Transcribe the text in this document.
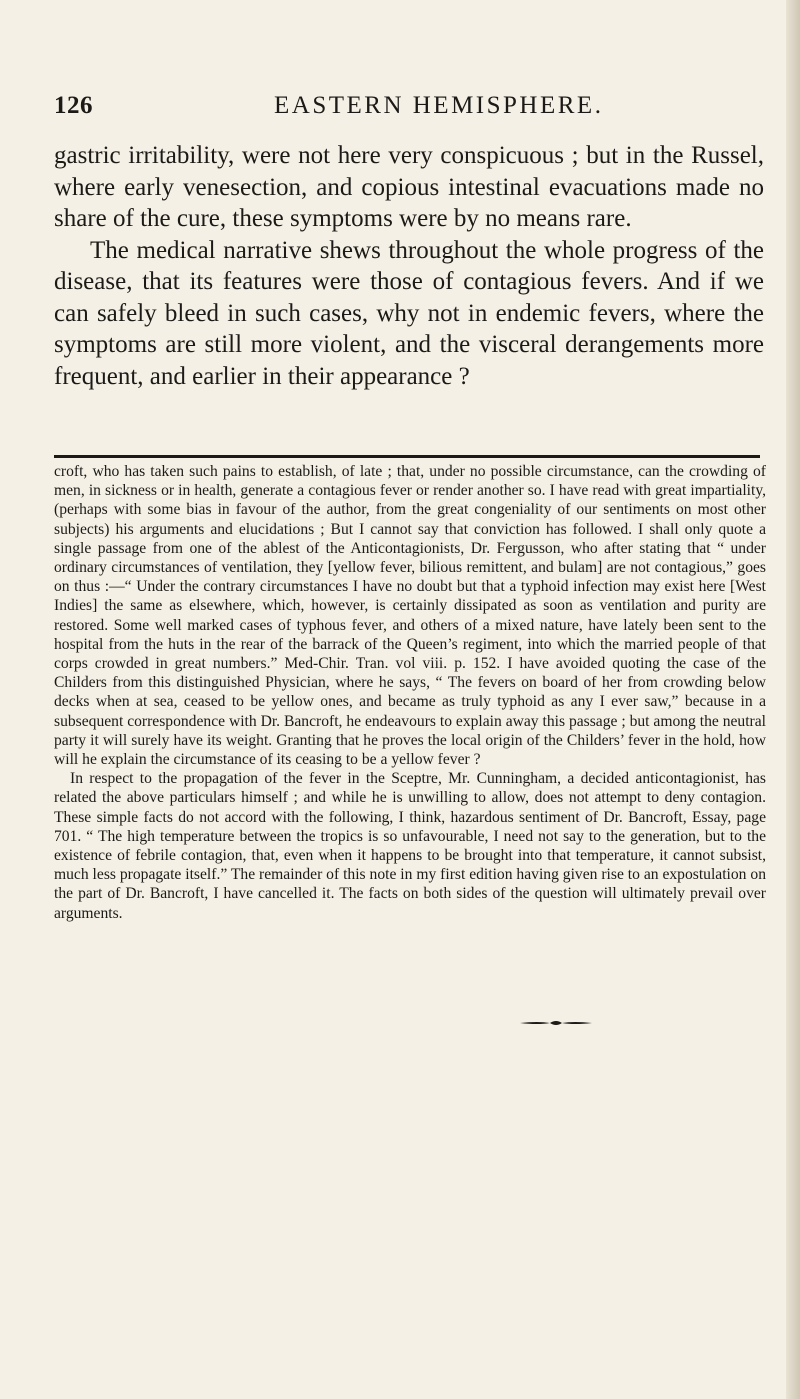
126	EASTERN HEMISPHERE.

gastric irritability, were not here very conspicuous ; but in the Russel, where early venesection, and copious intestinal evacuations made no share of the cure, these symptoms were by no means rare.

The medical narrative shews throughout the whole progress of the disease, that its features were those of contagious fevers. And if we can safely bleed in such cases, why not in endemic fevers, where the symptoms are still more violent, and the visceral derangements more frequent, and earlier in their appearance ?

croft, who has taken such pains to establish, of late ; that, under no possible circumstance, can the crowding of men, in sickness or in health, generate a contagious fever or render another so. I have read with great impartiality, (perhaps with some bias in favour of the author, from the great congeniality of our sentiments on most other subjects) his arguments and elucidations ; But I cannot say that conviction has followed. I shall only quote a single passage from one of the ablest of the Anticontagionists, Dr. Fergusson, who after stating that “ under ordinary circumstances of ventilation, they [yellow fever, bilious remittent, and bulam] are not contagious,” goes on thus :—“ Under the contrary circumstances I have no doubt but that a typhoid infection may exist here [West Indies] the same as elsewhere, which, however, is certainly dissipated as soon as ventilation and purity are restored. Some well marked cases of typhous fever, and others of a mixed nature, have lately been sent to the hospital from the huts in the rear of the barrack of the Queen’s regiment, into which the married people of that corps crowded in great numbers.” Med-Chir. Tran. vol viii. p. 152. I have avoided quoting the case of the Childers from this distinguished Physician, where he says, “ The fevers on board of her from crowding below decks when at sea, ceased to be yellow ones, and became as truly typhoid as any I ever saw,” because in a subsequent correspondence with Dr. Bancroft, he endeavours to explain away this passage ; but among the neutral party it will surely have its weight. Granting that he proves the local origin of the Childers’ fever in the hold, how will he explain the circumstance of its ceasing to be a yellow fever ?

In respect to the propagation of the fever in the Sceptre, Mr. Cunningham, a decided anticontagionist, has related the above particulars himself ; and while he is unwilling to allow, does not attempt to deny contagion. These simple facts do not accord with the following, I think, hazardous sentiment of Dr. Bancroft, Essay, page 701. “ The high temperature between the tropics is so unfavourable, I need not say to the generation, but to the existence of febrile contagion, that, even when it happens to be brought into that temperature, it cannot subsist, much less propagate itself.” The remainder of this note in my first edition having given rise to an expostulation on the part of Dr. Bancroft, I have cancelled it. The facts on both sides of the question will ultimately prevail over arguments.
